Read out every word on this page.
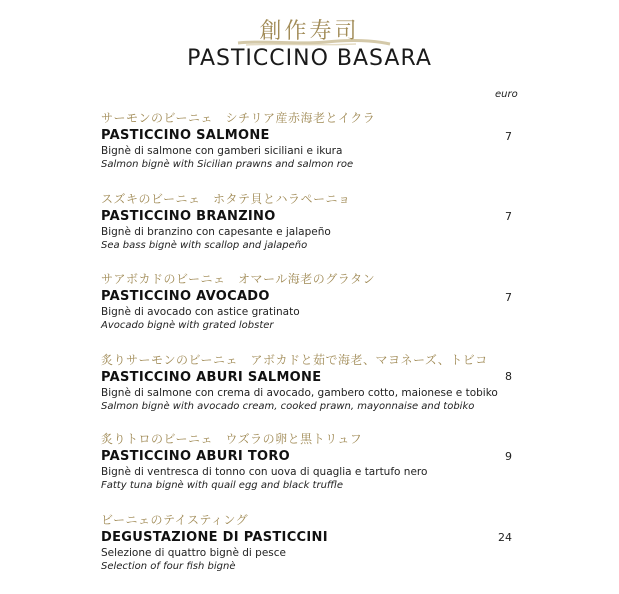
創作寿司
PASTICCINO BASARA
euro
サーモンのビーニェ　シチリア産赤海老とイクラ
PASTICCINO SALMONE
Bignè di salmone con gamberi siciliani e ikura
Salmon bignè with Sicilian prawns and salmon roe
7
スズキのビーニェ　ホタテ貝とハラペーニョ
PASTICCINO BRANZINO
Bignè di branzino con capesante e jalapeño
Sea bass bignè with scallop and jalapeño
7
サアボカドのビーニェ　オマール海老のグラタン
PASTICCINO AVOCADO
Bignè di avocado con astice gratinato
Avocado bignè with grated lobster
7
炙りサーモンのビーニェ　アボカドと茹で海老、マヨネーズ、トビコ
PASTICCINO ABURI SALMONE
Bignè di salmone con crema di avocado, gambero cotto, maionese e tobiko
Salmon bignè with avocado cream, cooked prawn, mayonnaise and tobiko
8
炙りトロのビーニェ　ウズラの卵と黒トリュフ
PASTICCINO ABURI TORO
Bignè di ventresca di tonno con uova di quaglia e tartufo nero
Fatty tuna bignè with quail egg and black truffle
9
ビーニェのテイスティング
DEGUSTAZIONE DI PASTICCINI
Selezione di quattro bignè di pesce
Selection of four fish bignè
24
